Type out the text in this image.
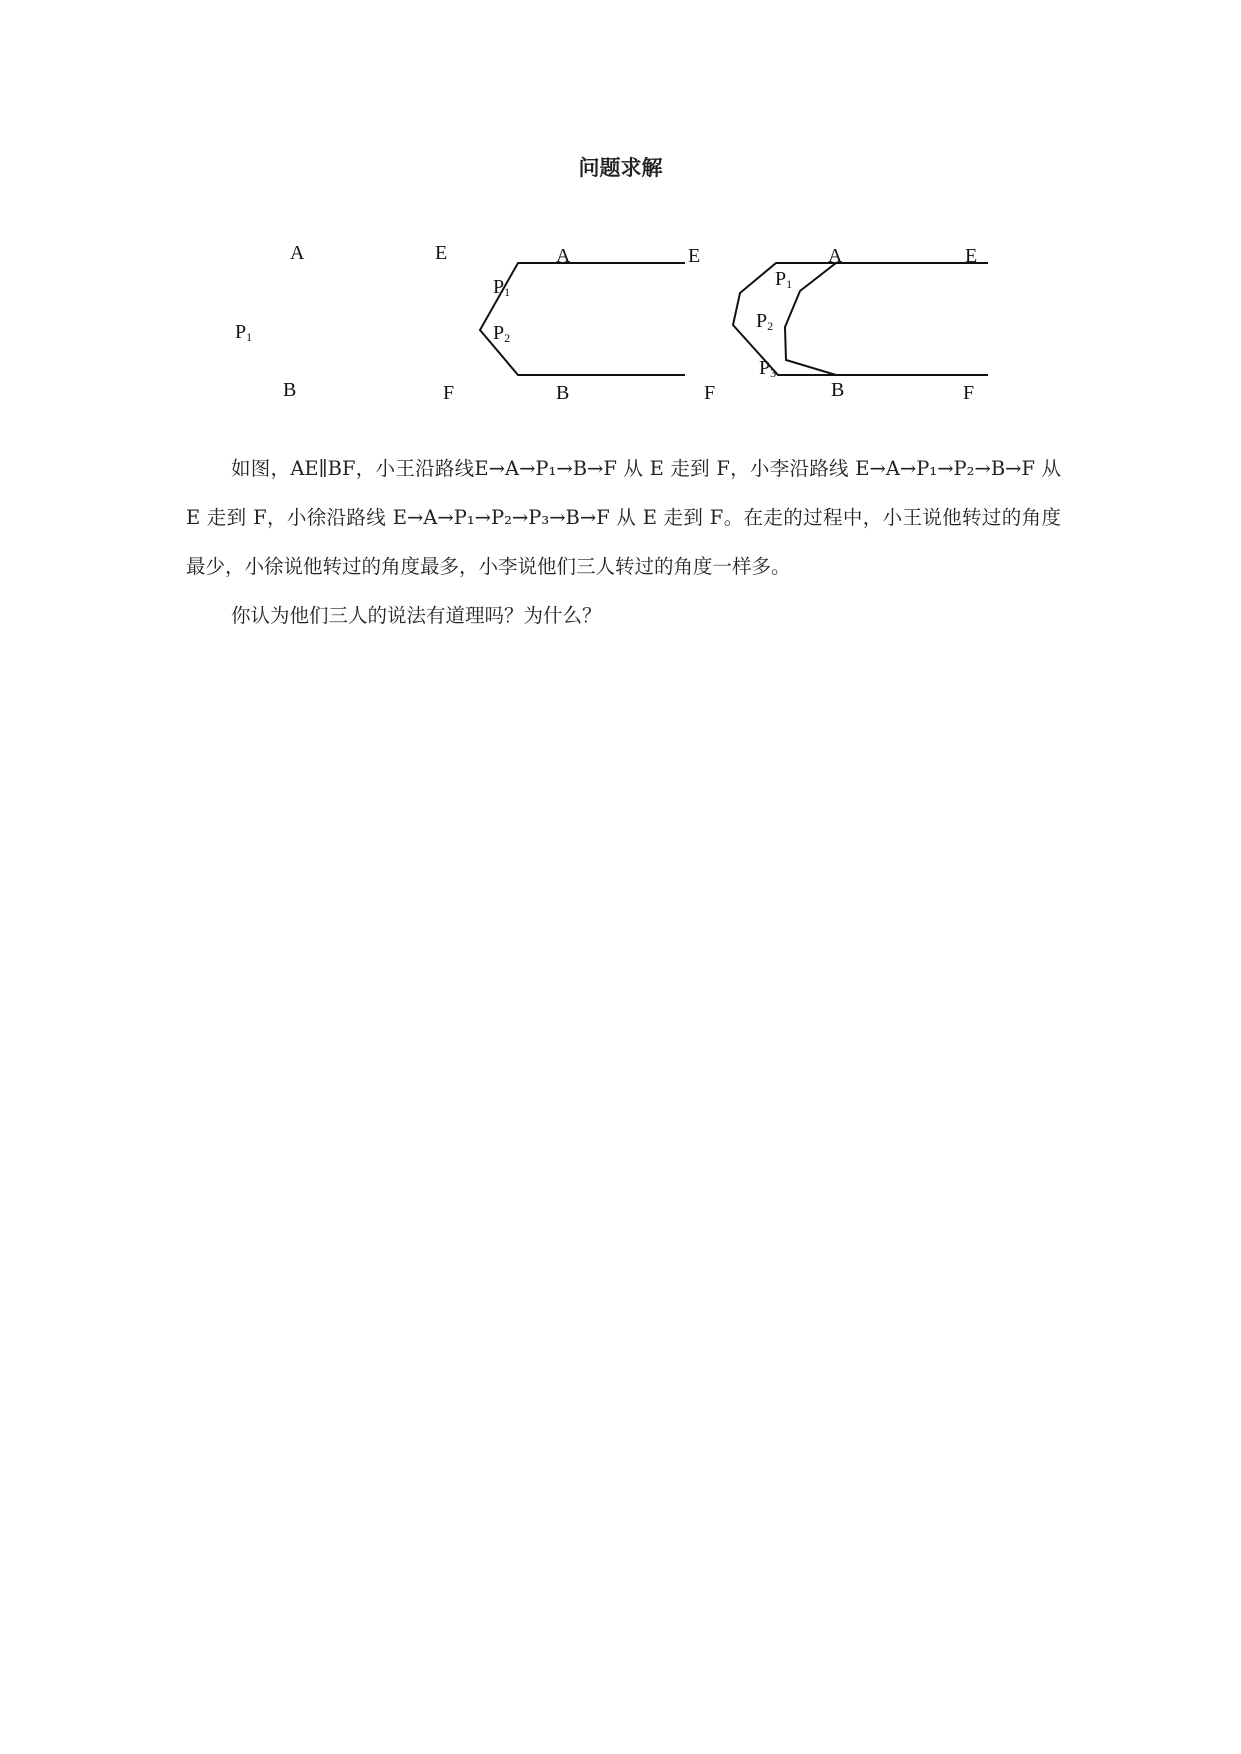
问题求解
A	E
$P_1$
B	F
A	E
$P_1$
$P_2$
B	F
A	E
$P_1$
$P_2$
$P_3$
B	F
如图，AE∥BF，小王沿路线E→A→P₁→B→F 从 E 走到 F，小李沿路线 E→A→P₁→P₂→B→F 从 E 走到 F，小徐沿路线 E→A→P₁→P₂→P₃→B→F 从 E 走到 F。在走的过程中，小王说他转过的角度最少，小徐说他转过的角度最多，小李说他们三人转过的角度一样多。
你认为他们三人的说法有道理吗？为什么？
